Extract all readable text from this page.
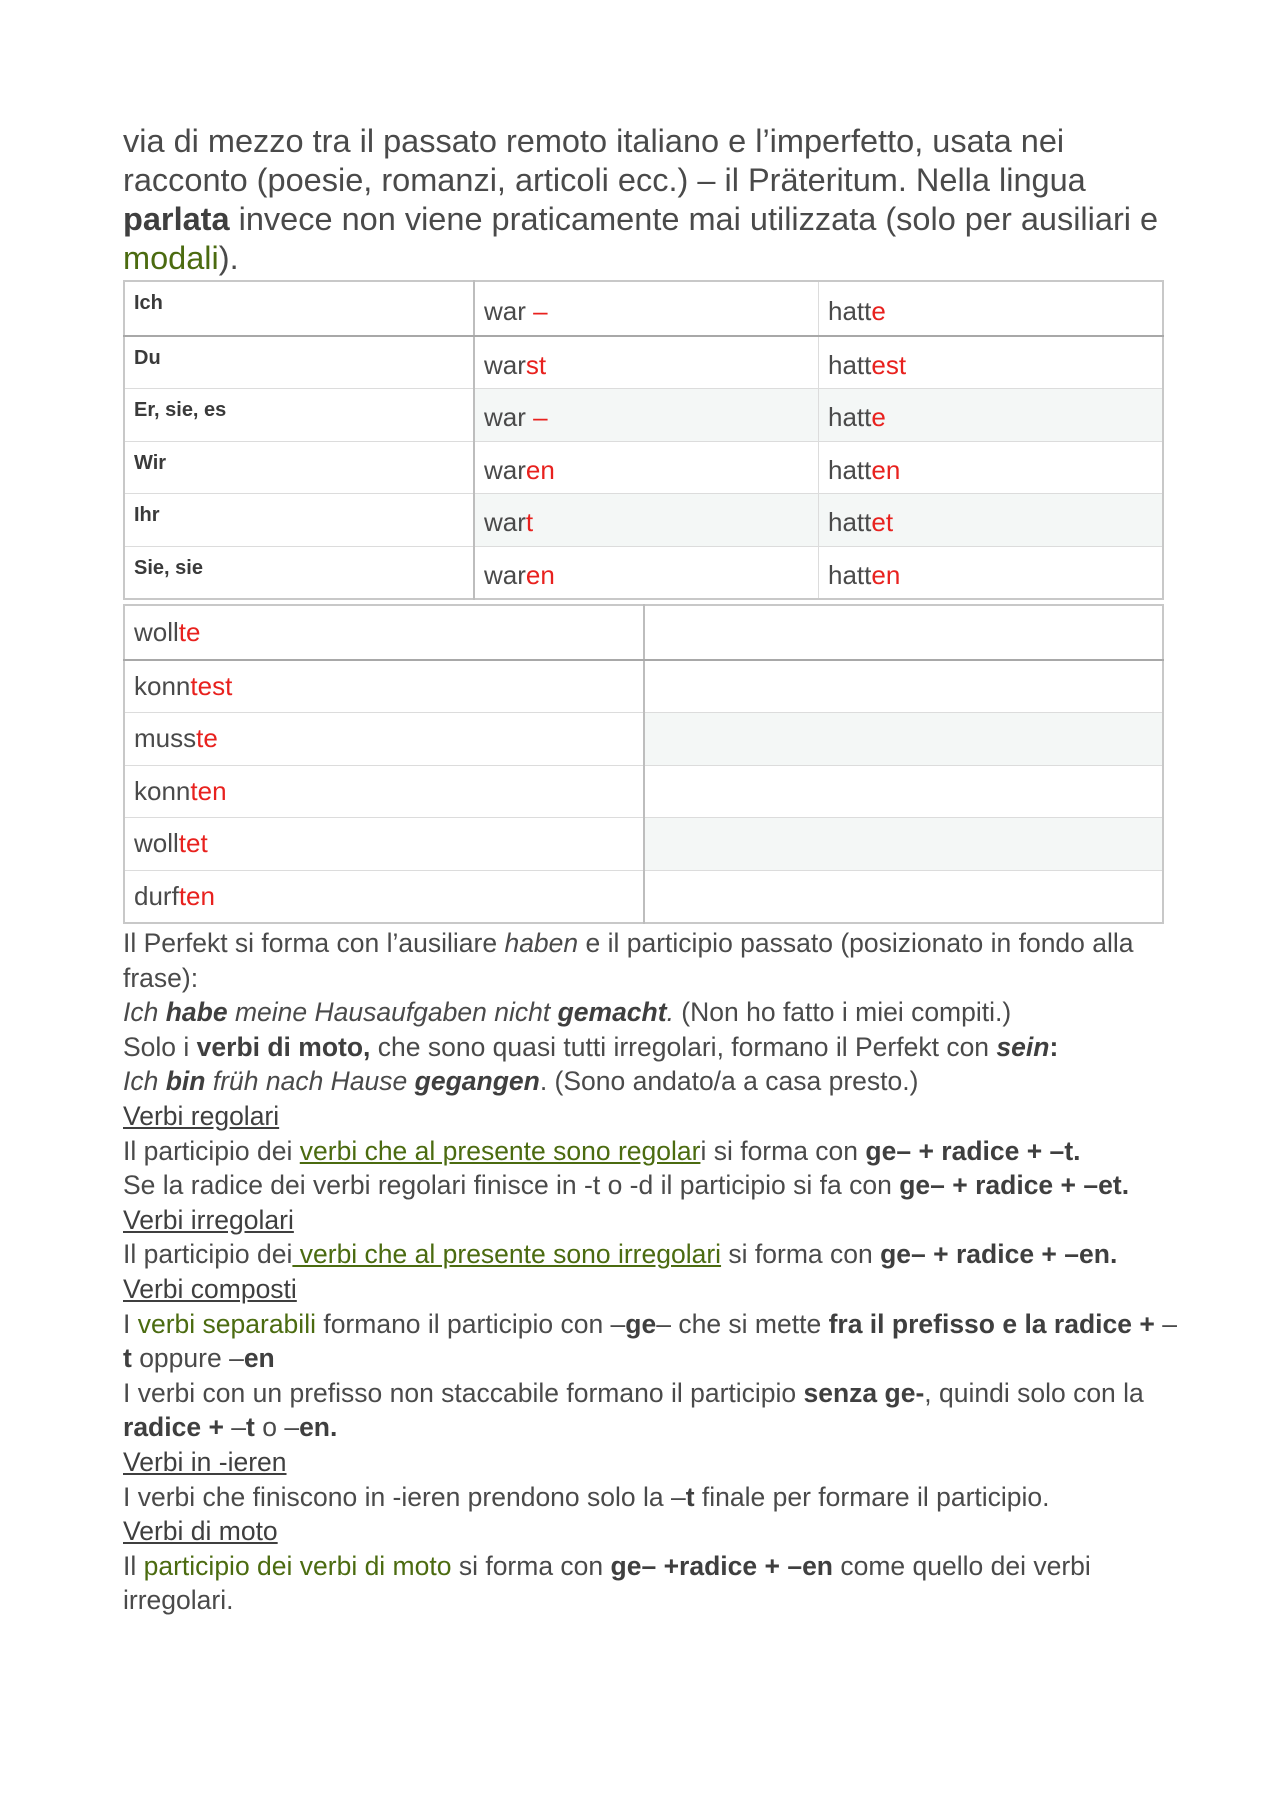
via di mezzo tra il passato remoto italiano e l’imperfetto, usata nei racconto (poesie, romanzi, articoli ecc.) – il Präteritum. Nella lingua parlata invece non viene praticamente mai utilizzata (solo per ausiliari e modali).

Ich	war –	hatte
Du	warst	hattest
Er, sie, es	war –	hatte
Wir	waren	hatten
Ihr	wart	hattet
Sie, sie	waren	hatten
wollte	
konntest	
musste	
konnten	
wolltet	
durften	

Il Perfekt si forma con l’ausiliare haben e il participio passato (posizionato in fondo alla frase):

Ich habe meine Hausaufgaben nicht gemacht. (Non ho fatto i miei compiti.)

Solo i verbi di moto, che sono quasi tutti irregolari, formano il Perfekt con sein:

Ich bin früh nach Hause gegangen. (Sono andato/a a casa presto.)

Verbi regolari

Il participio dei verbi che al presente sono regolari si forma con ge– + radice + –t.

Se la radice dei verbi regolari finisce in -t o -d il participio si fa con ge– + radice + –et.

Verbi irregolari

Il participio dei verbi che al presente sono irregolari si forma con ge– + radice + –en.

Verbi composti

I verbi separabili formano il participio con –ge– che si mette fra il prefisso e la radice + –t oppure –en

I verbi con un prefisso non staccabile formano il participio senza ge-, quindi solo con la radice + –t o –en.

Verbi in -ieren

I verbi che finiscono in -ieren prendono solo la –t finale per formare il participio.

Verbi di moto

Il participio dei verbi di moto si forma con ge– +radice + –en come quello dei verbi irregolari.
